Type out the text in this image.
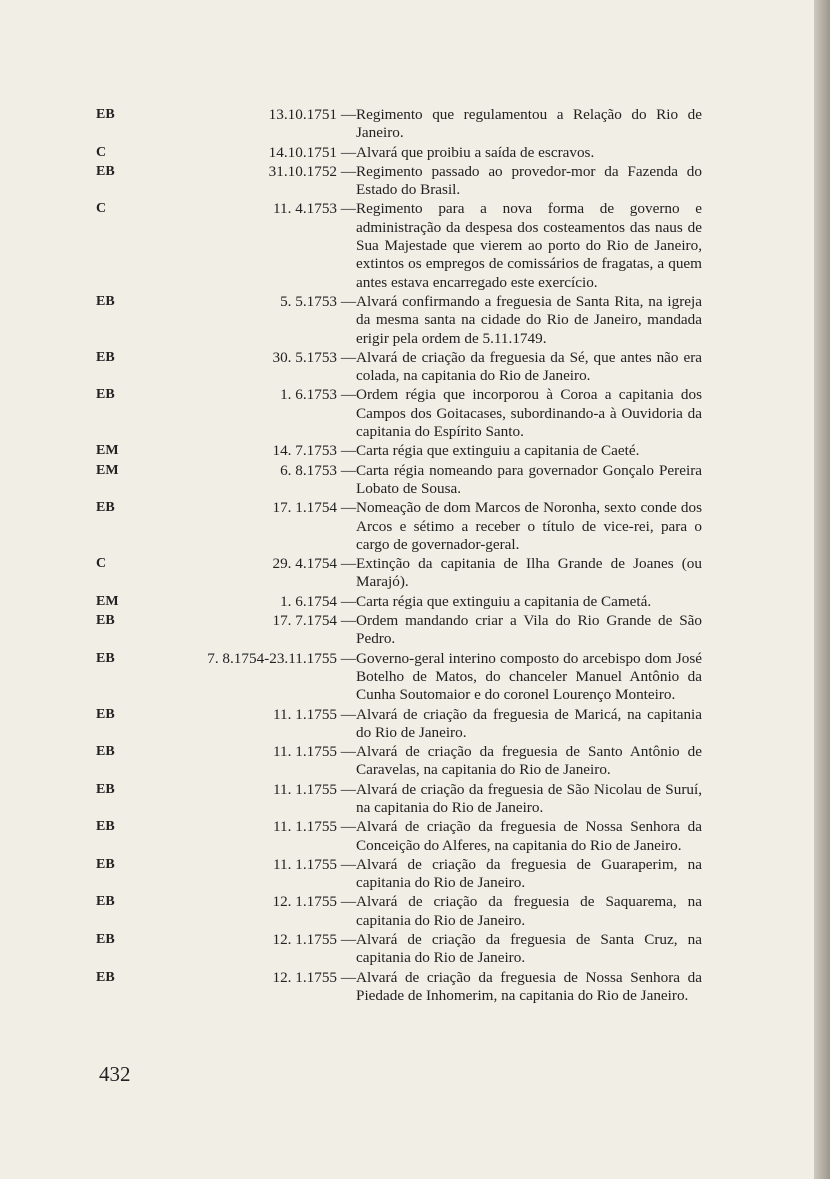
EB	13.10.1751 — Regimento que regulamentou a Relação do Rio de Janeiro.
C	14.10.1751 — Alvará que proibiu a saída de escravos.
EB	31.10.1752 — Regimento passado ao provedor-mor da Fazenda do Estado do Brasil.
C	11. 4.1753 — Regimento para a nova forma de governo e administração da despesa dos costeamentos das naus de Sua Majestade que vierem ao porto do Rio de Janeiro, extintos os empregos de comissários de fragatas, a quem antes estava encarregado este exercício.
EB	5. 5.1753 — Alvará confirmando a freguesia de Santa Rita, na igreja da mesma santa na cidade do Rio de Janeiro, mandada erigir pela ordem de 5.11.1749.
EB	30. 5.1753 — Alvará de criação da freguesia da Sé, que antes não era colada, na capitania do Rio de Janeiro.
EB	1. 6.1753 — Ordem régia que incorporou à Coroa a capitania dos Campos dos Goitacases, subordinando-a à Ouvidoria da capitania do Espírito Santo.
EM	14. 7.1753 — Carta régia que extinguiu a capitania de Caeté.
EM	6. 8.1753 — Carta régia nomeando para governador Gonçalo Pereira Lobato de Sousa.
EB	17. 1.1754 — Nomeação de dom Marcos de Noronha, sexto conde dos Arcos e sétimo a receber o título de vice-rei, para o cargo de governador-geral.
C	29. 4.1754 — Extinção da capitania de Ilha Grande de Joanes (ou Marajó).
EM	1. 6.1754 — Carta régia que extinguiu a capitania de Cametá.
EB	17. 7.1754 — Ordem mandando criar a Vila do Rio Grande de São Pedro.
EB	7. 8.1754-23.11.1755 — Governo-geral interino composto do arcebispo dom José Botelho de Matos, do chanceler Manuel Antônio da Cunha Soutomaior e do coronel Lourenço Monteiro.
EB	11. 1.1755 — Alvará de criação da freguesia de Maricá, na capitania do Rio de Janeiro.
EB	11. 1.1755 — Alvará de criação da freguesia de Santo Antônio de Caravelas, na capitania do Rio de Janeiro.
EB	11. 1.1755 — Alvará de criação da freguesia de São Nicolau de Suruí, na capitania do Rio de Janeiro.
EB	11. 1.1755 — Alvará de criação da freguesia de Nossa Senhora da Conceição do Alferes, na capitania do Rio de Janeiro.
EB	11. 1.1755 — Alvará de criação da freguesia de Guaraperim, na capitania do Rio de Janeiro.
EB	12. 1.1755 — Alvará de criação da freguesia de Saquarema, na capitania do Rio de Janeiro.
EB	12. 1.1755 — Alvará de criação da freguesia de Santa Cruz, na capitania do Rio de Janeiro.
EB	12. 1.1755 — Alvará de criação da freguesia de Nossa Senhora da Piedade de Inhomerim, na capitania do Rio de Janeiro.
432
